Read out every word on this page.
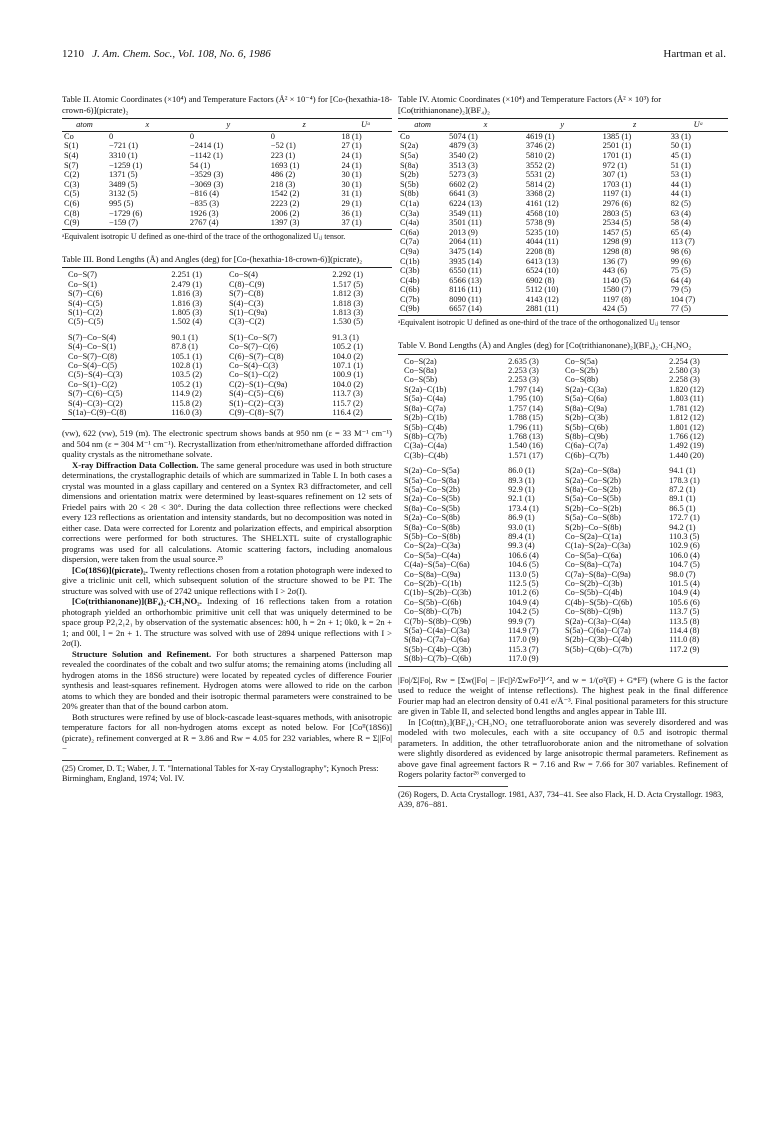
1210 J. Am. Chem. Soc., Vol. 108, No. 6, 1986	Hartman et al.
Table II. Atomic Coordinates (×10⁴) and Temperature Factors (Å² × 10⁻⁴) for [Co-(hexathia-18-crown-6)](picrate)₂
atom	x	y	z	Uᵃ
Co	0	0	0	18 (1)
S(1)	−721 (1)	−2414 (1)	−52 (1)	27 (1)
S(4)	3310 (1)	−1142 (1)	223 (1)	24 (1)
S(7)	−1259 (1)	54 (1)	1693 (1)	24 (1)
C(2)	1371 (5)	−3529 (3)	486 (2)	30 (1)
C(3)	3489 (5)	−3069 (3)	218 (3)	30 (1)
C(5)	3132 (5)	−816 (4)	1542 (2)	31 (1)
C(6)	995 (5)	−835 (3)	2223 (2)	29 (1)
C(8)	−1729 (6)	1926 (3)	2006 (2)	36 (1)
C(9)	−159 (7)	2767 (4)	1397 (3)	37 (1)
ᵃEquivalent isotropic U defined as one-third of the trace of the orthogonalized Uᵢⱼ tensor.
Table III. Bond Lengths (Å) and Angles (deg) for [Co-(hexathia-18-crown-6)](picrate)₂
Co−S(7)	2.251 (1)	Co−S(4)	2.292 (1)
Co−S(1)	2.479 (1)	C(8)−C(9)	1.517 (5)
S(7)−C(6)	1.816 (3)	S(7)−C(8)	1.812 (3)
S(4)−C(5)	1.816 (3)	S(4)−C(3)	1.818 (3)
S(1)−C(2)	1.805 (3)	S(1)−C(9a)	1.813 (3)
C(5)−C(5)	1.502 (4)	C(3)−C(2)	1.530 (5)

S(7)−Co−S(4)	90.1 (1)	S(1)−Co−S(7)	91.3 (1)
S(4)−Co−S(1)	87.8 (1)	Co−S(7)−C(6)	105.2 (1)
Co−S(7)−C(8)	105.1 (1)	C(6)−S(7)−C(8)	104.0 (2)
Co−S(4)−C(5)	102.8 (1)	Co−S(4)−C(3)	107.1 (1)
C(5)−S(4)−C(3)	103.5 (2)	Co−S(1)−C(2)	100.9 (1)
Co−S(1)−C(2)	105.2 (1)	C(2)−S(1)−C(9a)	104.0 (2)
S(7)−C(6)−C(5)	114.9 (2)	S(4)−C(5)−C(6)	113.7 (3)
S(4)−C(3)−C(2)	115.8 (2)	S(1)−C(2)−C(3)	115.7 (2)
S(1a)−C(9)−C(8)	116.0 (3)	C(9)−C(8)−S(7)	116.4 (2)

(vw), 622 (vw), 519 (m). The electronic spectrum shows bands at 950 nm (ε = 33 M⁻¹ cm⁻¹) and 504 nm (ε = 304 M⁻¹ cm⁻¹). Recrystallization from ether/nitromethane afforded diffraction quality crystals as the nitromethane solvate.

X-ray Diffraction Data Collection. The same general procedure was used in both structure determinations, the crystallographic details of which are summarized in Table I. In both cases a crystal was mounted in a glass capillary and centered on a Syntex R3 diffractometer, and cell dimensions and orientation matrix were determined by least-squares refinement on 12 sets of Friedel pairs with 20 < 2θ < 30°. During the data collection three reflections were checked every 123 reflections as orientation and intensity standards, but no decomposition was noted in either case. Data were corrected for Lorentz and polarization effects, and empirical absorption corrections were performed for both structures. The SHELXTL suite of crystallographic programs was used for all calculations. Atomic scattering factors, including anomalous dispersion, were taken from the usual source.²⁵

[Co(18S6)](picrate)₂. Twenty reflections chosen from a rotation photograph were indexed to give a triclinic unit cell, which subsequent solution of the structure showed to be P1̄. The structure was solved with use of 2742 unique reflections with I > 2σ(I).

[Co(trithianonane)](BF₄)₂·CH₃NO₂. Indexing of 16 reflections taken from a rotation photograph yielded an orthorhombic primitive unit cell that was uniquely determined to be space group P2₁2₁2₁ by observation of the systematic absences: h00, h = 2n + 1; 0k0, k = 2n + 1; and 00l, l = 2n + 1. The structure was solved with use of 2894 unique reflections with I > 2σ(I).

Structure Solution and Refinement. For both structures a sharpened Patterson map revealed the coordinates of the cobalt and two sulfur atoms; the remaining atoms (including all hydrogen atoms in the 18S6 structure) were located by repeated cycles of difference Fourier synthesis and least-squares refinement. Hydrogen atoms were allowed to ride on the carbon atoms to which they are bonded and their isotropic thermal parameters were constrained to be 20% greater than that of the bound carbon atom.

Both structures were refined by use of block-cascade least-squares methods, with anisotropic temperature factors for all non-hydrogen atoms except as noted below. For [Coᴵᴵ(18S6)](picrate)₂ refinement converged at R = 3.86 and Rw = 4.05 for 232 variables, where R = Σ||Fo| −

(25) Cromer, D. T.; Waber, J. T. "International Tables for X-ray Crystallography"; Kynoch Press: Birmingham, England, 1974; Vol. IV.
Table IV. Atomic Coordinates (×10⁴) and Temperature Factors (Å² × 10³) for [Co(trithianonane)₂](BF₄)₂
atom	x	y	z	Uᵃ
Co	5074 (1)	4619 (1)	1385 (1)	33 (1)
S(2a)	4879 (3)	3746 (2)	2501 (1)	50 (1)
S(5a)	3540 (2)	5810 (2)	1701 (1)	45 (1)
S(8a)	3513 (3)	3552 (2)	972 (1)	51 (1)
S(2b)	5273 (3)	5531 (2)	307 (1)	53 (1)
S(5b)	6602 (2)	5814 (2)	1703 (1)	44 (1)
S(8b)	6641 (3)	3368 (2)	1197 (1)	44 (1)
C(1a)	6224 (13)	4161 (12)	2976 (6)	82 (5)
C(3a)	3549 (11)	4568 (10)	2803 (5)	63 (4)
C(4a)	3501 (11)	5738 (9)	2534 (5)	58 (4)
C(6a)	2013 (9)	5235 (10)	1457 (5)	65 (4)
C(7a)	2064 (11)	4044 (11)	1298 (9)	113 (7)
C(9a)	3475 (14)	2208 (8)	1298 (8)	98 (6)
C(1b)	3935 (14)	6413 (13)	136 (7)	99 (6)
C(3b)	6550 (11)	6524 (10)	443 (6)	75 (5)
C(4b)	6566 (13)	6902 (8)	1140 (5)	64 (4)
C(6b)	8116 (11)	5112 (10)	1580 (7)	79 (5)
C(7b)	8090 (11)	4143 (12)	1197 (8)	104 (7)
C(9b)	6657 (14)	2881 (11)	424 (5)	77 (5)
ᵃEquivalent isotropic U defined as one-third of the trace of the orthogonalized Uᵢⱼ tensor
Table V. Bond Lengths (Å) and Angles (deg) for [Co(trithianonane)₂](BF₄)₂·CH₃NO₂
Co−S(2a)	2.635 (3)	Co−S(5a)	2.254 (3)
Co−S(8a)	2.253 (3)	Co−S(2b)	2.580 (3)
Co−S(5b)	2.253 (3)	Co−S(8b)	2.258 (3)
S(2a)−C(1b)	1.797 (14)	S(2a)−C(3a)	1.820 (12)
S(5a)−C(4a)	1.795 (10)	S(5a)−C(6a)	1.803 (11)
S(8a)−C(7a)	1.757 (14)	S(8a)−C(9a)	1.781 (12)
S(2b)−C(1b)	1.788 (15)	S(2b)−C(3b)	1.812 (12)
S(5b)−C(4b)	1.796 (11)	S(5b)−C(6b)	1.801 (12)
S(8b)−C(7b)	1.768 (13)	S(8b)−C(9b)	1.766 (12)
C(3a)−C(4a)	1.540 (16)	C(6a)−C(7a)	1.492 (19)
C(3b)−C(4b)	1.571 (17)	C(6b)−C(7b)	1.440 (20)

S(2a)−Co−S(5a)	86.0 (1)	S(2a)−Co−S(8a)	94.1 (1)
S(5a)−Co−S(8a)	89.3 (1)	S(2a)−Co−S(2b)	178.3 (1)
S(5a)−Co−S(2b)	92.9 (1)	S(8a)−Co−S(2b)	87.2 (1)
S(2a)−Co−S(5b)	92.1 (1)	S(5a)−Co−S(5b)	89.1 (1)
S(8a)−Co−S(5b)	173.4 (1)	S(2b)−Co−S(2b)	86.5 (1)
S(2a)−Co−S(8b)	86.9 (1)	S(5a)−Co−S(8b)	172.7 (1)
S(8a)−Co−S(8b)	93.0 (1)	S(2b)−Co−S(8b)	94.2 (1)
S(5b)−Co−S(8b)	89.4 (1)	Co−S(2a)−C(1a)	110.3 (5)
Co−S(2a)−C(3a)	99.3 (4)	C(1a)−S(2a)−C(3a)	102.9 (6)
Co−S(5a)−C(4a)	106.6 (4)	Co−S(5a)−C(6a)	106.0 (4)
C(4a)−S(5a)−C(6a)	104.6 (5)	Co−S(8a)−C(7a)	104.7 (5)
Co−S(8a)−C(9a)	113.0 (5)	C(7a)−S(8a)−C(9a)	98.0 (7)
Co−S(2b)−C(1b)	112.5 (5)	Co−S(2b)−C(3b)	101.5 (4)
C(1b)−S(2b)−C(3b)	101.2 (6)	Co−S(5b)−C(4b)	104.9 (4)
Co−S(5b)−C(6b)	104.9 (4)	C(4b)−S(5b)−C(6b)	105.6 (6)
Co−S(8b)−C(7b)	104.2 (5)	Co−S(8b)−C(9b)	113.7 (5)
C(7b)−S(8b)−C(9b)	99.9 (7)	S(2a)−C(3a)−C(4a)	113.5 (8)
S(5a)−C(4a)−C(3a)	114.9 (7)	S(5a)−C(6a)−C(7a)	114.4 (8)
S(8a)−C(7a)−C(6a)	117.0 (9)	S(2b)−C(3b)−C(4b)	111.0 (8)
S(5b)−C(4b)−C(3b)	115.3 (7)	S(5b)−C(6b)−C(7b)	117.2 (9)
S(8b)−C(7b)−C(6b)	117.0 (9)		

|Fo|/Σ|Fo|, Rw = [Σw(|Fo| − |Fc|)²/ΣwFo²]¹ᐟ², and w = 1/(σ²(F) + G*F²) (where G is the factor used to reduce the weight of intense reflections). The highest peak in the final difference Fourier map had an electron density of 0.41 e/Å⁻³. Final positional parameters for this structure are given in Table II, and selected bond lengths and angles appear in Table III.

In [Co(ttn)₂](BF₄)₂·CH₃NO₂ one tetrafluoroborate anion was severely disordered and was modeled with two molecules, each with a site occupancy of 0.5 and isotropic thermal parameters. In addition, the other tetrafluoroborate anion and the nitromethane of solvation were slightly disordered as evidenced by large anisotropic thermal parameters. Refinement as above gave final agreement factors R = 7.16 and Rw = 7.66 for 307 variables. Refinement of Rogers polarity factor²⁶ converged to

(26) Rogers, D. Acta Crystallogr. 1981, A37, 734−41. See also Flack, H. D. Acta Crystallogr. 1983, A39, 876−881.
